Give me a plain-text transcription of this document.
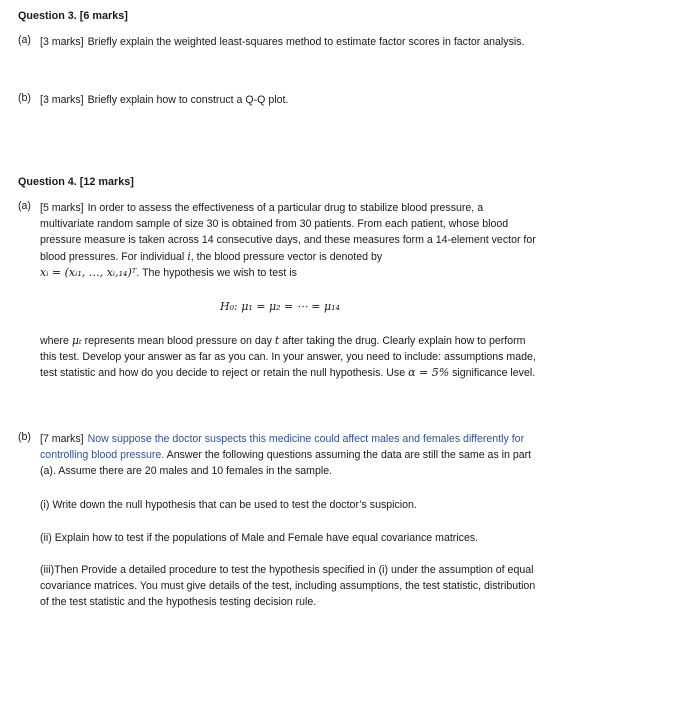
Question 3. [6 marks]
(a) [3 marks] Briefly explain the weighted least-squares method to estimate factor scores in factor analysis.
(b) [3 marks] Briefly explain how to construct a Q-Q plot.
Question 4. [12 marks]
(a) [5 marks] In order to assess the effectiveness of a particular drug to stabilize blood pressure, a multivariate random sample of size 30 is obtained from 30 patients. From each patient, whose blood pressure measure is taken across 14 consecutive days, and these measures form a 14-element vector for blood pressures. For individual i, the blood pressure vector is denoted by
xᵢ = (xᵢ₁, …, xᵢ,₁₄)ᵀ. The hypothesis we wish to test is
H₀: μ₁ = μ₂ = ⋯ = μ₁₄
where μₜ represents mean blood pressure on day t after taking the drug. Clearly explain how to perform this test. Develop your answer as far as you can. In your answer, you need to include: assumptions made, test statistic and how do you decide to reject or retain the null hypothesis. Use α = 5% significance level.
(b) [7 marks] Now suppose the doctor suspects this medicine could affect males and females differently for controlling blood pressure. Answer the following questions assuming the data are still the same as in part (a). Assume there are 20 males and 10 females in the sample.
(i) Write down the null hypothesis that can be used to test the doctor’s suspicion.
(ii) Explain how to test if the populations of Male and Female have equal covariance matrices.
(iii)Then Provide a detailed procedure to test the hypothesis specified in (i) under the assumption of equal covariance matrices. You must give details of the test, including assumptions, the test statistic, distribution of the test statistic and the hypothesis testing decision rule.
